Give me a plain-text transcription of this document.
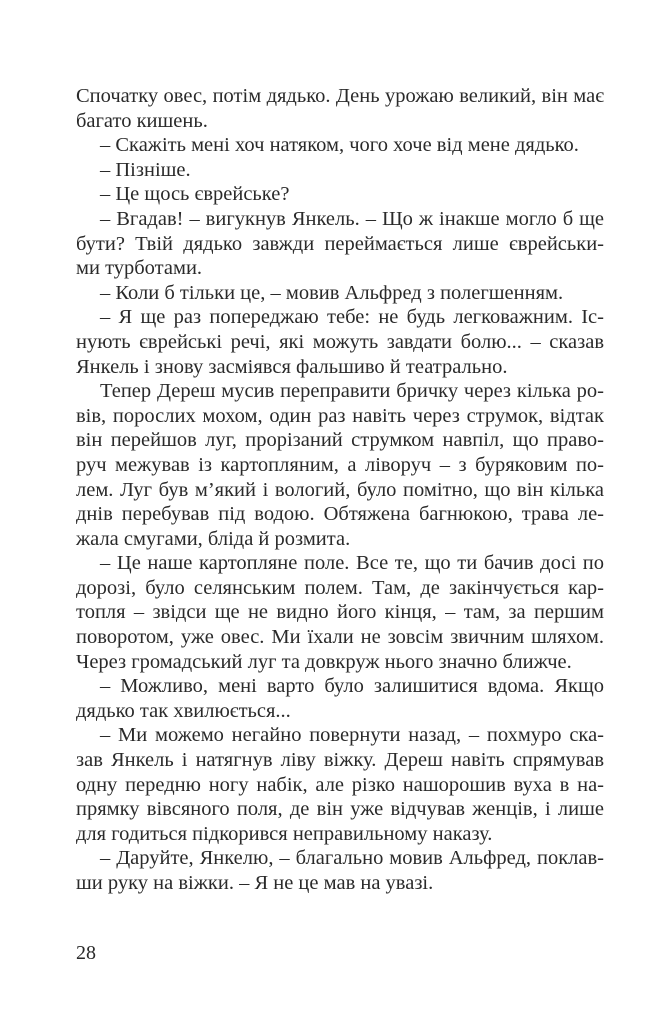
Спочатку овес, потім дядько. День урожаю великий, він має
багато кишень.
– Скажіть мені хоч натяком, чого хоче від мене дядько.
– Пізніше.
– Це щось єврейське?
– Вгадав! – вигукнув Янкель. – Що ж інакше могло б ще
бути? Твій дядько завжди переймається лише єврейськи-
ми турботами.
– Коли б тільки це, – мовив Альфред з полегшенням.
– Я ще раз попереджаю тебе: не будь легковажним. Іс-
нують єврейські речі, які можуть завдати болю... – сказав
Янкель і знову засміявся фальшиво й театрально.
Тепер Дереш мусив переправити бричку через кілька ро-
вів, порослих мохом, один раз навіть через струмок, відтак
він перейшов луг, прорізаний струмком навпіл, що право-
руч межував із картопляним, а ліворуч – з буряковим по-
лем. Луг був м’який і вологий, було помітно, що він кілька
днів перебував під водою. Обтяжена багнюкою, трава ле-
жала смугами, бліда й розмита.
– Це наше картопляне поле. Все те, що ти бачив досі по
дорозі, було селянським полем. Там, де закінчується кар-
топля – звідси ще не видно його кінця, – там, за першим
поворотом, уже овес. Ми їхали не зовсім звичним шляхом.
Через громадський луг та довкруж нього значно ближче.
– Можливо, мені варто було залишитися вдома. Якщо
дядько так хвилюється...
– Ми можемо негайно повернути назад, – похмуро ска-
зав Янкель і натягнув ліву віжку. Дереш навіть спрямував
одну передню ногу набік, але різко нашорошив вуха в на-
прямку вівсяного поля, де він уже відчував женців, і лише
для годиться підкорився неправильному наказу.
– Даруйте, Янкелю, – благально мовив Альфред, поклав-
ши руку на віжки. – Я не це мав на увазі.
28
